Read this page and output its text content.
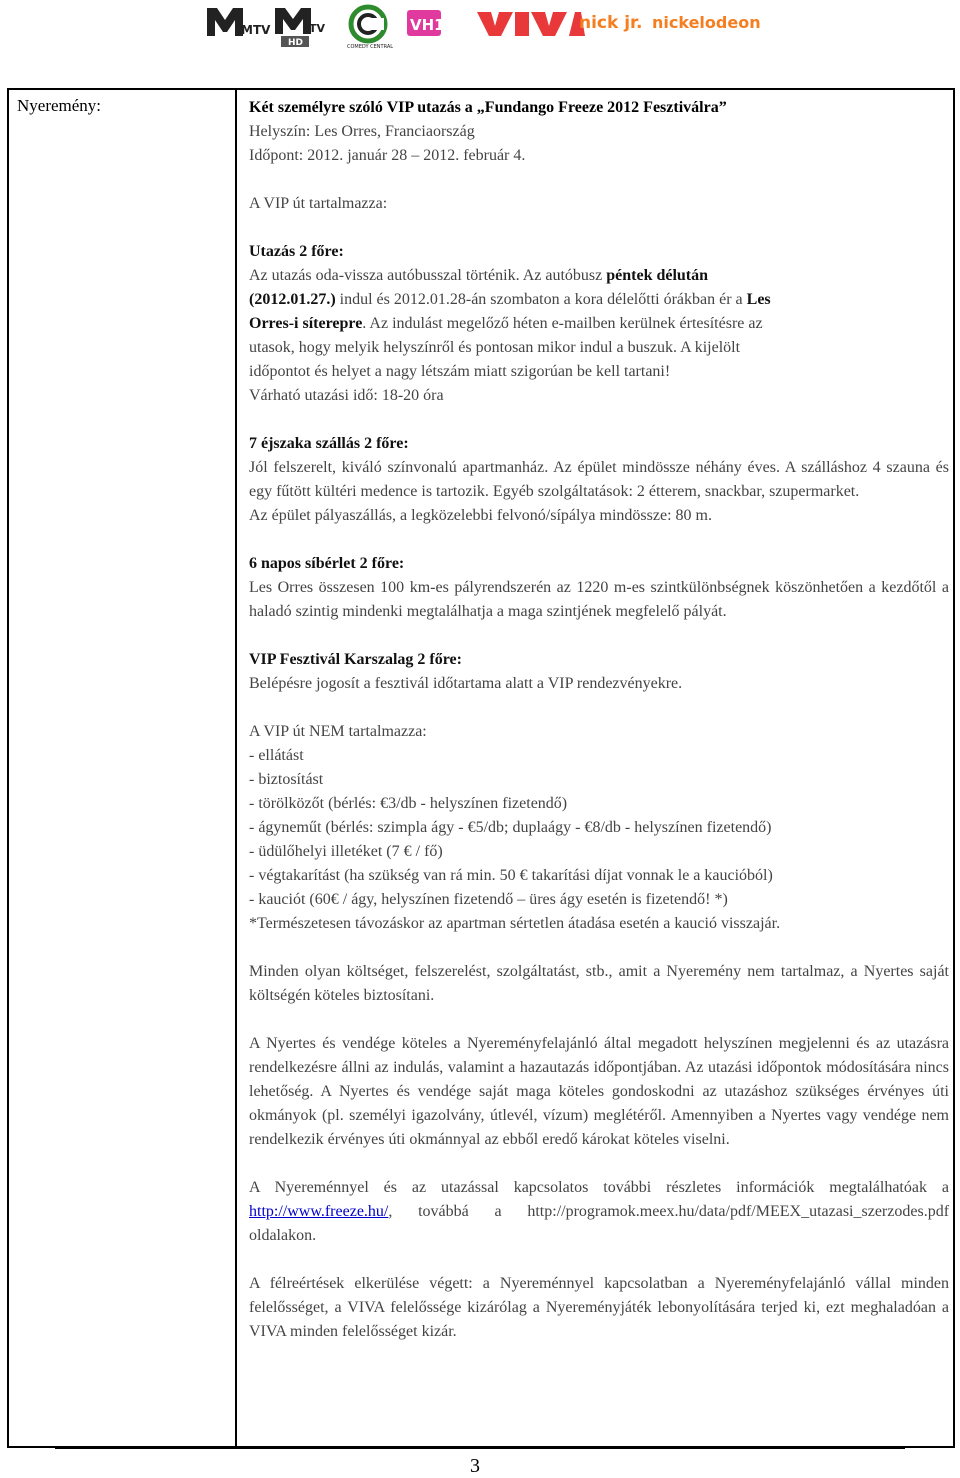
MTV	TV
HD	COMEDY CENTRAL
VH1	nick jr. nickelodeon
Nyeremény:	Két személyre szóló VIP utazás a „Fundango Freeze 2012 Fesztiválra”

Helyszín: Les Orres, Franciaország

Időpont: 2012. január 28 – 2012. február 4.

A VIP út tartalmazza:

Utazás 2 főre:

Az utazás oda-vissza autóbusszal történik. Az autóbusz péntek délután

(2012.01.27.) indul és 2012.01.28-án szombaton a kora délelőtti órákban ér a Les

Orres-i síterepre. Az indulást megelőző héten e-mailben kerülnek értesítésre az

utasok, hogy melyik helyszínről és pontosan mikor indul a buszuk. A kijelölt

időpontot és helyet a nagy létszám miatt szigorúan be kell tartani!

Várható utazási idő: 18-20 óra

7 éjszaka szállás 2 főre:

Jól felszerelt, kiváló színvonalú apartmanház. Az épület mindössze néhány éves. A szálláshoz 4 szauna és egy fűtött kültéri medence is tartozik. Egyéb szolgáltatások: 2 étterem, snackbar, szupermarket.

Az épület pályaszállás, a legközelebbi felvonó/sípálya mindössze: 80 m.

6 napos síbérlet 2 főre:

Les Orres összesen 100 km-es pályrendszerén az 1220 m-es szintkülönbségnek köszönhetően a kezdőtől a haladó szintig mindenki megtalálhatja a maga szintjének megfelelő pályát.

VIP Fesztivál Karszalag 2 főre:

Belépésre jogosít a fesztivál időtartama alatt a VIP rendezvényekre.

A VIP út NEM tartalmazza:

- ellátást

- biztosítást

- törölközőt (bérlés: €3/db - helyszínen fizetendő)

- ágyneműt (bérlés: szimpla ágy - €5/db; duplaágy - €8/db - helyszínen fizetendő)

- üdülőhelyi illetéket (7 € / fő)

- végtakarítást (ha szükség van rá min. 50 € takarítási díjat vonnak le a kaucióból)

- kauciót (60€ / ágy, helyszínen fizetendő – üres ágy esetén is fizetendő! *)

*Természetesen távozáskor az apartman sértetlen átadása esetén a kaució visszajár.

Minden olyan költséget, felszerelést, szolgáltatást, stb., amit a Nyeremény nem tartalmaz, a Nyertes saját költségén köteles biztosítani.

A Nyertes és vendége köteles a Nyereményfelajánló által megadott helyszínen megjelenni és az utazásra rendelkezésre állni az indulás, valamint a hazautazás időpontjában. Az utazási időpontok módosítására nincs lehetőség. A Nyertes és vendége saját maga köteles gondoskodni az utazáshoz szükséges érvényes úti okmányok (pl. személyi igazolvány, útlevél, vízum) meglétéről. Amennyiben a Nyertes vagy vendége nem rendelkezik érvényes úti okmánnyal az ebből eredő károkat köteles viselni.

A Nyereménnyel és az utazással kapcsolatos további részletes információk megtalálhatóak a http://www.freeze.hu/, továbbá a http://programok.meex.hu/data/pdf/MEEX_utazasi_szerzodes.pdf oldalakon.

A félreértések elkerülése végett: a Nyereménnyel kapcsolatban a Nyereményfelajánló vállal minden felelősséget, a VIVA felelőssége kizárólag a Nyereményjáték lebonyolítására terjed ki, ezt meghaladóan a VIVA minden felelősséget kizár.

3
